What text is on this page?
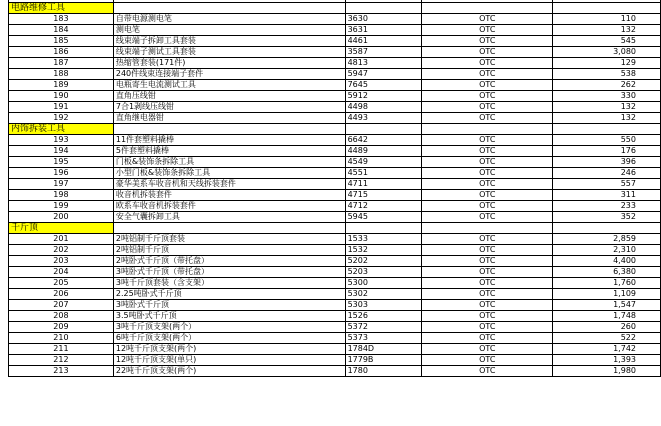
电路维修工具				
183	自带电源测电笔	3630	OTC	110
184	测电笔	3631	OTC	132
185	线束端子拆卸工具套装	4461	OTC	545
186	线束端子测试工具套装	3587	OTC	3,080
187	热缩管套装(171件)	4813	OTC	129
188	240件线束连接端子套件	5947	OTC	538
189	电瓶寄生电流测试工具	7645	OTC	262
190	直角压线钳	5912	OTC	330
191	7合1剥线压线钳	4498	OTC	132
192	直角继电器钳	4493	OTC	132
内饰拆装工具				
193	11件套塑料撬棒	6642	OTC	550
194	5件套塑料撬棒	4489	OTC	176
195	门板&装饰条拆除工具	4549	OTC	396
196	小型门板&装饰条拆除工具	4551	OTC	246
197	豪华美系车收音机和天线拆装套件	4711	OTC	557
198	收音机拆装套件	4715	OTC	311
199	欧系车收音机拆装套件	4712	OTC	233
200	安全气囊拆卸工具	5945	OTC	352
千斤顶				
201	2吨铝制千斤顶套装	1533	OTC	2,859
202	2吨铝制千斤顶	1532	OTC	2,310
203	2吨卧式千斤顶（带托盘）	5202	OTC	4,400
204	3吨卧式千斤顶（带托盘）	5203	OTC	6,380
205	3吨千斤顶套装（含支架）	5300	OTC	1,760
206	2.25吨卧式千斤顶	5302	OTC	1,109
207	3吨卧式千斤顶	5303	OTC	1,547
208	3.5吨卧式千斤顶	1526	OTC	1,748
209	3吨千斤顶支架(两个）	5372	OTC	260
210	6吨千斤顶支架(两个）	5373	OTC	522
211	12吨千斤顶支架(两个)	1784D	OTC	1,742
212	12吨千斤顶支架(单只)	1779B	OTC	1,393
213	22吨千斤顶支架(两个)	1780	OTC	1,980
